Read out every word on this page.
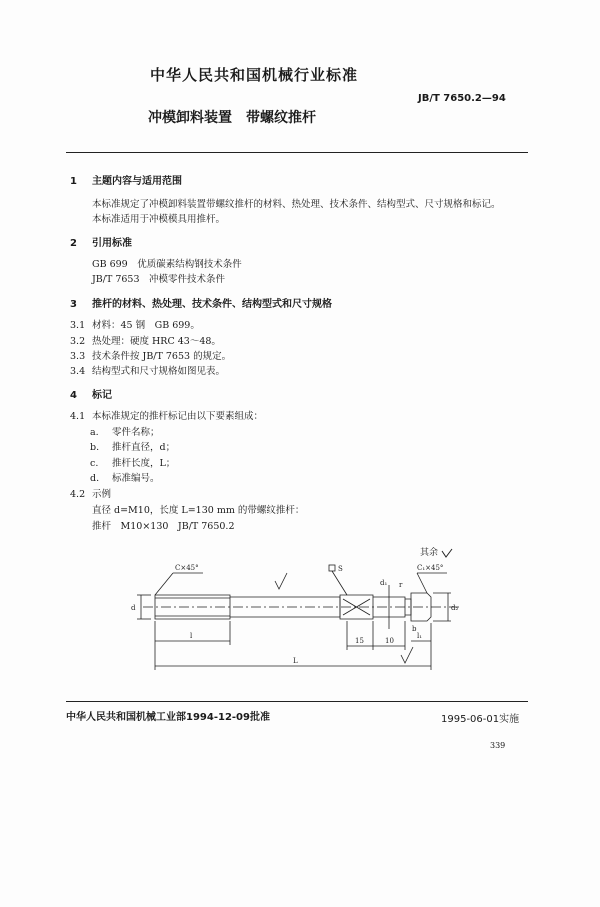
中华人民共和国机械行业标准
JB/T 7650.2—94
冲模卸料装置　带螺纹推杆
1 主题内容与适用范围
本标准规定了冲模卸料装置带螺纹推杆的材料、热处理、技术条件、结构型式、尺寸规格和标记。
本标准适用于冲模模具用推杆。
2 引用标准
GB 699　优质碳素结构钢技术条件
JB/T 7653　冲模零件技术条件
3 推杆的材料、热处理、技术条件、结构型式和尺寸规格
3.1 材料：45 钢　GB 699。
3.2 热处理：硬度 HRC 43～48。
3.3 技术条件按 JB/T 7653 的规定。
3.4 结构型式和尺寸规格如图见表。
4 标记
4.1 本标准规定的推杆标记由以下要素组成：
a. 零件名称；
b. 推杆直径，d；
c. 推杆长度，L；
d. 标准编号。
4.2 示例
直径 d=M10，长度 L=130 mm 的带螺纹推杆：
推杆　M10×130　JB/T 7650.2
其余
C×45°	C₁×45°
S
d
d₁
d₂
r
b
l	l₁
L
15	10
中华人民共和国机械工业部1994-12-09批准	1995-06-01实施
339
